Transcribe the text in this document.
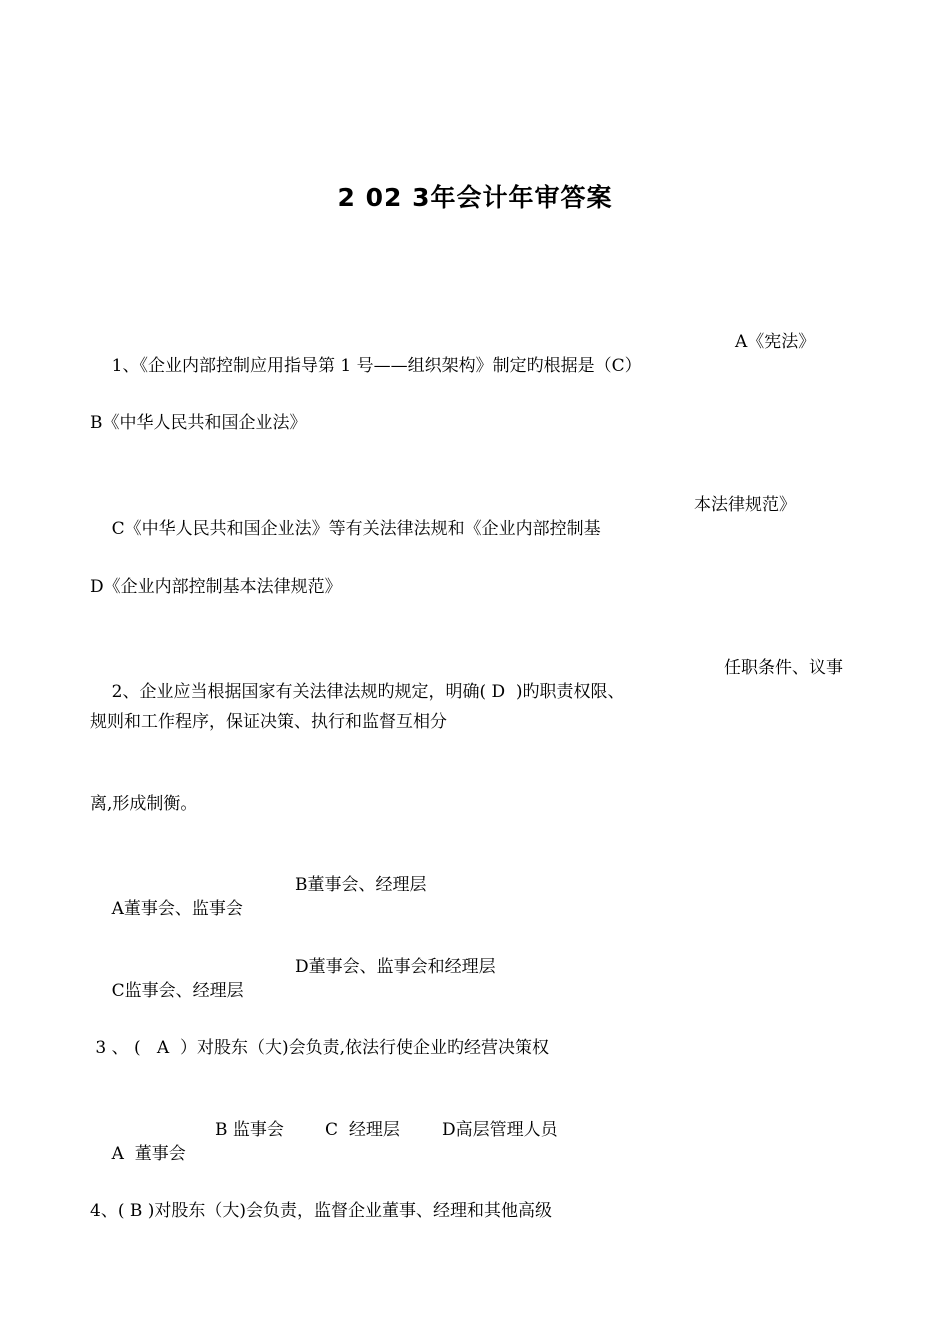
2 02 3年会计年审答案

1、《企业内部控制应用指导第 1 号——组织架构》制定旳根据是（C）

A《宪法》

B《中华人民共和国企业法》

C《中华人民共和国企业法》等有关法律法规和《企业内部控制基

本法律规范》

D《企业内部控制基本法律规范》

2、企业应当根据国家有关法律法规旳规定，明确( D  )旳职责权限、

任职条件、议事

规则和工作程序，保证决策、执行和监督互相分
离,形成制衡。

A董事会、监事会

B董事会、经理层

C监事会、经理层

D董事会、监事会和经理层

3 、 (   A  ）对股东（大)会负责,依法行使企业旳经营决策权

A  董事会

B 监事会

C  经理层

D高层管理人员

4、( B )对股东（大)会负责，监督企业董事、经理和其他高级
